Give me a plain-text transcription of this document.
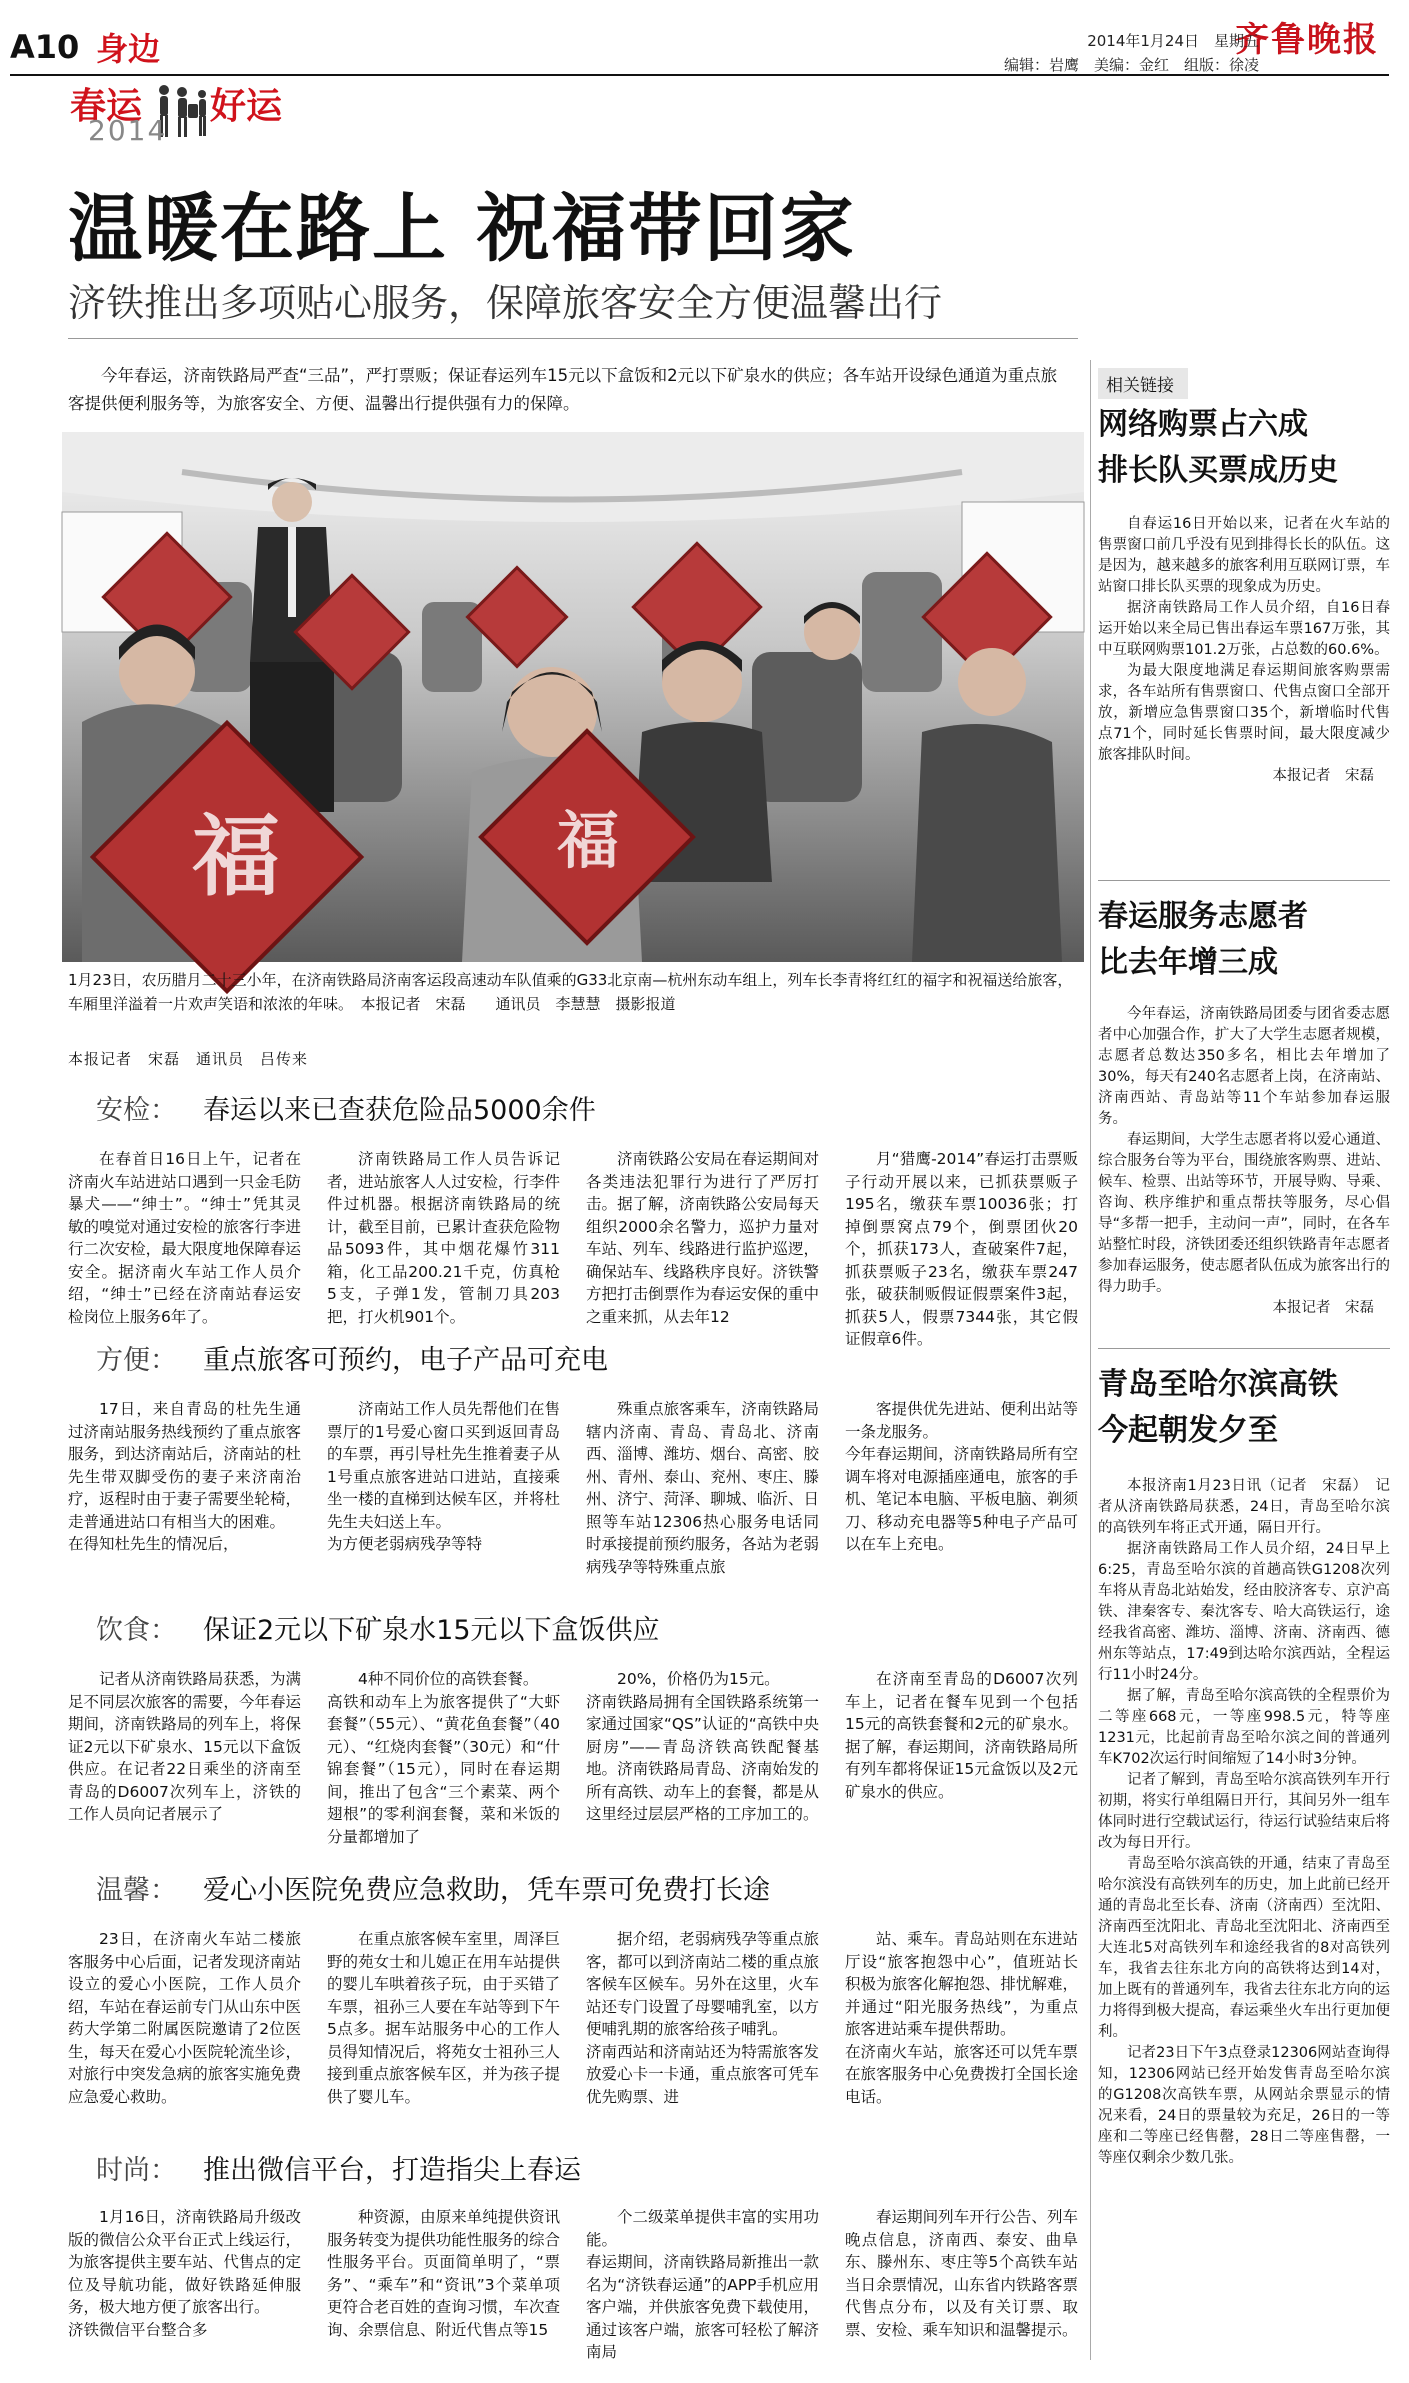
A10 身边	齐鲁晚报
2014年1月24日　星期五
编辑：岩鹰　美编：金红　组版：徐凌
春运 好运
2014
温暖在路上 祝福带回家
济铁推出多项贴心服务，保障旅客安全方便温馨出行
今年春运，济南铁路局严查“三品”，严打票贩；保证春运列车15元以下盒饭和2元以下矿泉水的供应；各车站开设绿色通道为重点旅客提供便利服务等，为旅客安全、方便、温馨出行提供强有力的保障。
福	福
1月23日，农历腊月二十三小年，在济南铁路局济南客运段高速动车队值乘的G33北京南—杭州东动车组上，列车长李青将红红的福字和祝福送给旅客，车厢里洋溢着一片欢声笑语和浓浓的年味。　本报记者　宋磊　　通讯员　李慧慧　摄影报道
本报记者　宋磊　通讯员　吕传来
安检： 春运以来已查获危险品5000余件

在春首日16日上午，记者在济南火车站进站口遇到一只金毛防暴犬——“绅士”。“绅士”凭其灵敏的嗅觉对通过安检的旅客行李进行二次安检，最大限度地保障春运安全。据济南火车站工作人员介绍，“绅士”已经在济南站春运安检岗位上服务6年了。

济南铁路局工作人员告诉记者，进站旅客人人过安检，行李件件过机器。根据济南铁路局的统计，截至目前，已累计查获危险物品5093件，其中烟花爆竹311箱，化工品200.21千克，仿真枪5支，子弹1发，管制刀具203把，打火机901个。

济南铁路公安局在春运期间对各类违法犯罪行为进行了严厉打击。据了解，济南铁路公安局每天组织2000余名警力，巡护力量对车站、列车、线路进行监护巡逻，确保站车、线路秩序良好。济铁警方把打击倒票作为春运安保的重中之重来抓，从去年12

月“猎鹰-2014”春运打击票贩子行动开展以来，已抓获票贩子195名，缴获车票10036张；打掉倒票窝点79个，倒票团伙20个，抓获173人，查破案件7起，抓获票贩子23名，缴获车票247张，破获制贩假证假票案件3起，抓获5人，假票7344张，其它假证假章6件。

方便： 重点旅客可预约，电子产品可充电

17日，来自青岛的杜先生通过济南站服务热线预约了重点旅客服务，到达济南站后，济南站的杜先生带双脚受伤的妻子来济南治疗，返程时由于妻子需要坐轮椅，走普通进站口有相当大的困难。
在得知杜先生的情况后，

济南站工作人员先帮他们在售票厅的1号爱心窗口买到返回青岛的车票，再引导杜先生推着妻子从1号重点旅客进站口进站，直接乘坐一楼的直梯到达候车区，并将杜先生夫妇送上车。
为方便老弱病残孕等特

殊重点旅客乘车，济南铁路局辖内济南、青岛、青岛北、济南西、淄博、潍坊、烟台、高密、胶州、青州、泰山、兖州、枣庄、滕州、济宁、菏泽、聊城、临沂、日照等车站12306热心服务电话同时承接提前预约服务，各站为老弱病残孕等特殊重点旅

客提供优先进站、便利出站等一条龙服务。
今年春运期间，济南铁路局所有空调车将对电源插座通电，旅客的手机、笔记本电脑、平板电脑、剃须刀、移动充电器等5种电子产品可以在车上充电。

饮食： 保证2元以下矿泉水15元以下盒饭供应

记者从济南铁路局获悉，为满足不同层次旅客的需要，今年春运期间，济南铁路局的列车上，将保证2元以下矿泉水、15元以下盒饭供应。在记者22日乘坐的济南至青岛的D6007次列车上，济铁的工作人员向记者展示了

4种不同价位的高铁套餐。
高铁和动车上为旅客提供了“大虾套餐”（55元）、“黄花鱼套餐”（40元）、“红烧肉套餐”（30元）和“什锦套餐”（15元），同时在春运期间，推出了包含“三个素菜、两个翅根”的零利润套餐，菜和米饭的分量都增加了

20%，价格仍为15元。
济南铁路局拥有全国铁路系统第一家通过国家“QS”认证的“高铁中央厨房”——青岛济铁高铁配餐基地。济南铁路局青岛、济南始发的所有高铁、动车上的套餐，都是从这里经过层层严格的工序加工的。

在济南至青岛的D6007次列车上，记者在餐车见到一个包括15元的高铁套餐和2元的矿泉水。据了解，春运期间，济南铁路局所有列车都将保证15元盒饭以及2元矿泉水的供应。

温馨： 爱心小医院免费应急救助，凭车票可免费打长途

23日，在济南火车站二楼旅客服务中心后面，记者发现济南站设立的爱心小医院，工作人员介绍，车站在春运前专门从山东中医药大学第二附属医院邀请了2位医生，每天在爱心小医院轮流坐诊，对旅行中突发急病的旅客实施免费应急爱心救助。

在重点旅客候车室里，周泽巨野的苑女士和儿媳正在用车站提供的婴儿车哄着孩子玩，由于买错了车票，祖孙三人要在车站等到下午5点多。据车站服务中心的工作人员得知情况后，将苑女士祖孙三人接到重点旅客候车区，并为孩子提供了婴儿车。

据介绍，老弱病残孕等重点旅客，都可以到济南站二楼的重点旅客候车区候车。另外在这里，火车站还专门设置了母婴哺乳室，以方便哺乳期的旅客给孩子哺乳。
济南西站和济南站还为特需旅客发放爱心卡一卡通，重点旅客可凭车优先购票、进

站、乘车。青岛站则在东进站厅设“旅客抱怨中心”，值班站长积极为旅客化解抱怨、排忧解难，并通过“阳光服务热线”，为重点旅客进站乘车提供帮助。
在济南火车站，旅客还可以凭车票在旅客服务中心免费拨打全国长途电话。

时尚： 推出微信平台，打造指尖上春运

1月16日，济南铁路局升级改版的微信公众平台正式上线运行，为旅客提供主要车站、代售点的定位及导航功能，做好铁路延伸服务，极大地方便了旅客出行。
济铁微信平台整合多

种资源，由原来单纯提供资讯服务转变为提供功能性服务的综合性服务平台。页面简单明了，“票务”、“乘车”和“资讯”3个菜单项更符合老百姓的查询习惯，车次查询、余票信息、附近代售点等15

个二级菜单提供丰富的实用功能。
春运期间，济南铁路局新推出一款名为“济铁春运通”的APP手机应用客户端，并供旅客免费下载使用，通过该客户端，旅客可轻松了解济南局

春运期间列车开行公告、列车晚点信息，济南西、泰安、曲阜东、滕州东、枣庄等5个高铁车站当日余票情况，山东省内铁路客票代售点分布，以及有关订票、取票、安检、乘车知识和温馨提示。

相关链接
网络购票占六成
排长队买票成历史

自春运16日开始以来，记者在火车站的售票窗口前几乎没有见到排得长长的队伍。这是因为，越来越多的旅客利用互联网订票，车站窗口排长队买票的现象成为历史。

据济南铁路局工作人员介绍，自16日春运开始以来全局已售出春运车票167万张，其中互联网购票101.2万张，占总数的60.6%。

为最大限度地满足春运期间旅客购票需求，各车站所有售票窗口、代售点窗口全部开放，新增应急售票窗口35个，新增临时代售点71个，同时延长售票时间，最大限度减少旅客排队时间。

本报记者　宋磊

春运服务志愿者
比去年增三成

今年春运，济南铁路局团委与团省委志愿者中心加强合作，扩大了大学生志愿者规模，志愿者总数达350多名，相比去年增加了30%，每天有240名志愿者上岗，在济南站、济南西站、青岛站等11个车站参加春运服务。

春运期间，大学生志愿者将以爱心通道、综合服务台等为平台，围绕旅客购票、进站、候车、检票、出站等环节，开展导购、导乘、咨询、秩序维护和重点帮扶等服务，尽心倡导“多帮一把手，主动问一声”，同时，在各车站整忙时段，济铁团委还组织铁路青年志愿者参加春运服务，使志愿者队伍成为旅客出行的得力助手。

本报记者　宋磊

青岛至哈尔滨高铁
今起朝发夕至

本报济南1月23日讯（记者　宋磊）　记者从济南铁路局获悉，24日，青岛至哈尔滨的高铁列车将正式开通，隔日开行。

据济南铁路局工作人员介绍，24日早上6:25，青岛至哈尔滨的首趟高铁G1208次列车将从青岛北站始发，经由胶济客专、京沪高铁、津秦客专、秦沈客专、哈大高铁运行，途经我省高密、潍坊、淄博、济南、济南西、德州东等站点，17:49到达哈尔滨西站，全程运行11小时24分。

据了解，青岛至哈尔滨高铁的全程票价为二等座668元，一等座998.5元，特等座1231元，比起前青岛至哈尔滨之间的普通列车K702次运行时间缩短了14小时3分钟。

记者了解到，青岛至哈尔滨高铁列车开行初期，将实行单组隔日开行，其间另外一组车体同时进行空载试运行，待运行试验结束后将改为每日开行。

青岛至哈尔滨高铁的开通，结束了青岛至哈尔滨没有高铁列车的历史，加上此前已经开通的青岛北至长春、济南（济南西）至沈阳、济南西至沈阳北、青岛北至沈阳北、济南西至大连北5对高铁列车和途经我省的8对高铁列车，我省去往东北方向的高铁将达到14对，加上既有的普通列车，我省去往东北方向的运力将得到极大提高，春运乘坐火车出行更加便利。

记者23日下午3点登录12306网站查询得知，12306网站已经开始发售青岛至哈尔滨的G1208次高铁车票，从网站余票显示的情况来看，24日的票量较为充足，26日的一等座和二等座已经售罄，28日二等座售罄，一等座仅剩余少数几张。
